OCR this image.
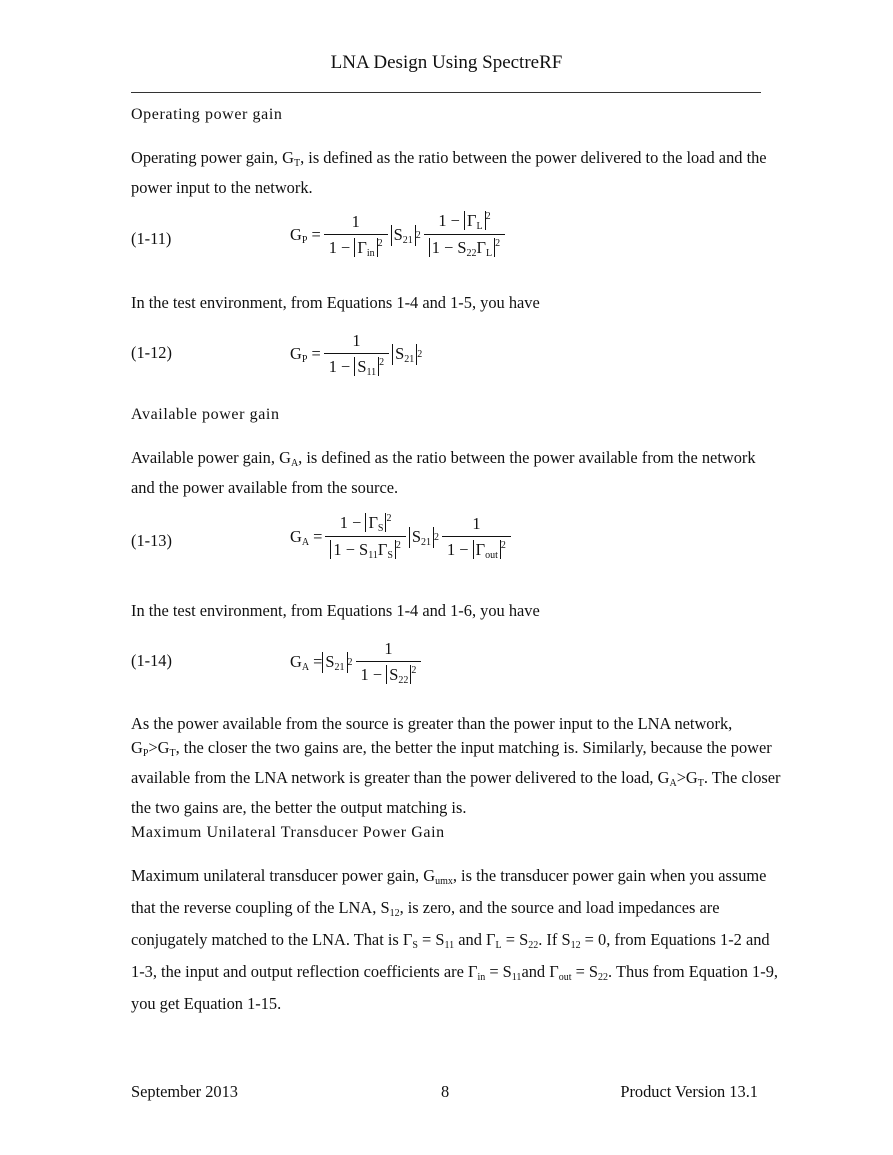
LNA Design Using SpectreRF
Operating power gain
Operating power gain, $G_T$, is defined as the ratio between the power delivered to the load and the power input to the network.
(1-11)	$G_P = \frac{1}{1 - \Gamma_{in}^2} S_{21}$ $2 \frac{1 - \Gamma_L^2}{1 - S_{22}\Gamma_L^2}$
In the test environment, from Equations 1-4 and 1-5, you have
(1-12)	$G_P = \frac{1}{1 - S_{11}^2} S_{21}$ 2
Available power gain
Available power gain, $G_A$, is defined as the ratio between the power available from the network and the power available from the source.
(1-13)	$G_A = \frac{1 - \Gamma_S^2}{1 - S_{11}\Gamma_S^2} S_{21}$ $2 \frac{1}{1 - \Gamma_{out}^2}$
In the test environment, from Equations 1-4 and 1-6, you have
(1-14)	$G_A = S_{21}$ $2 \frac{1}{1 - S_{22}^2}$
As the power available from the source is greater than the power input to the LNA network, $G_P>G_T$, the closer the two gains are, the better the input matching is. Similarly, because the power available from the LNA network is greater than the power delivered to the load, $G_A>G_T$. The closer the two gains are, the better the output matching is.
Maximum Unilateral Transducer Power Gain
Maximum unilateral transducer power gain, $G_{umx}$, is the transducer power gain when you assume that the reverse coupling of the LNA, $S_{12}$, is zero, and the source and load impedances are conjugately matched to the LNA. That is $\Gamma_S = S_{11}$ and $\Gamma_L = S_{22}$. If $S_{12} = 0$, from Equations 1-2 and 1-3, the input and output reflection coefficients are $\Gamma_{in} = S_{11}and$ $\Gamma_{out} = S_{22}$. Thus from Equation 1-9, you get Equation 1-15.
September 2013	8	Product Version 13.1
